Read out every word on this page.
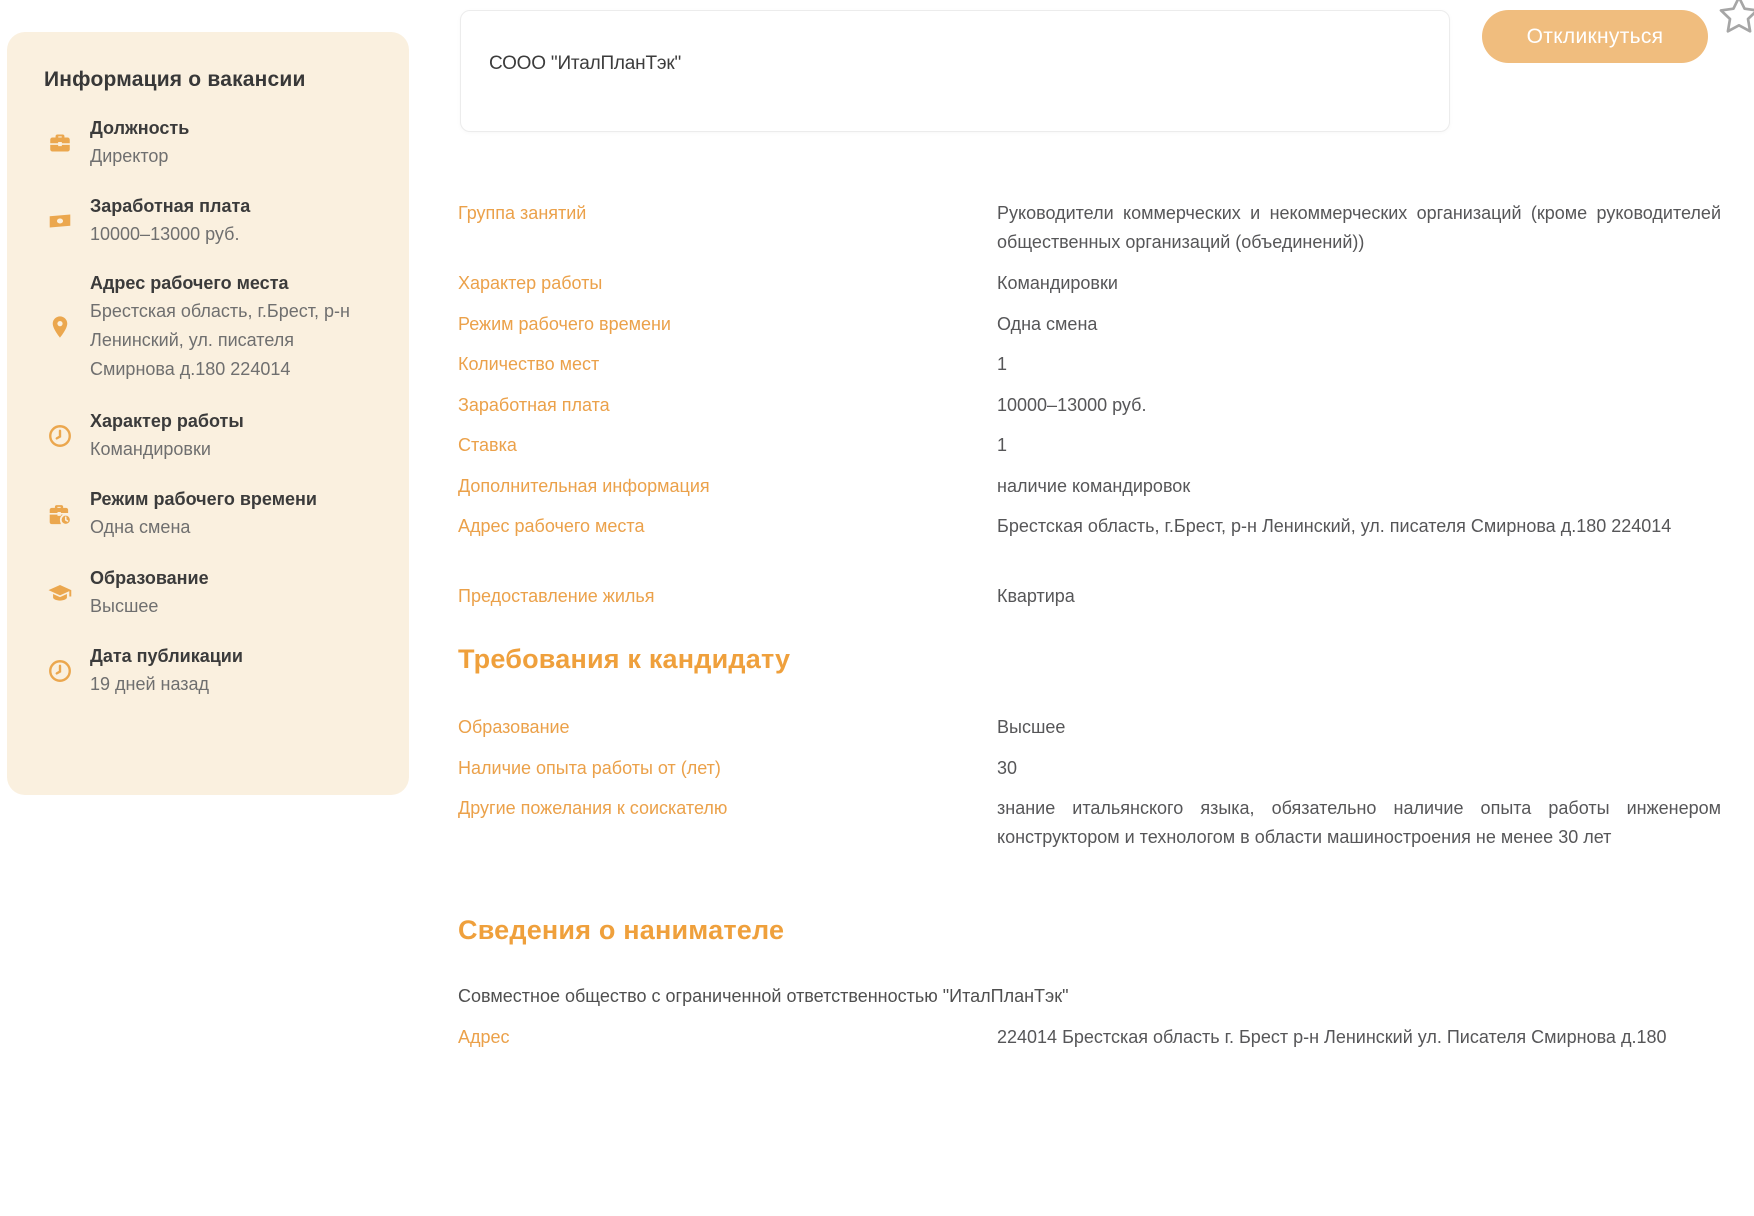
Информация о вакансии
Должность
Директор
Заработная плата
10000–13000 руб.
Адрес рабочего места
Брестская область, г.Брест, р-н Ленинский, ул. писателя Смирнова д.180 224014
Характер работы
Командировки
Режим рабочего времени
Одна смена
Образование
Высшее
Дата публикации
19 дней назад
СООО "ИталПланТэк"
Откликнуться
Группа занятий	Руководители коммерческих и некоммерческих организаций (кроме руководителей общественных организаций (объединений))
Характер работы	Командировки
Режим рабочего времени	Одна смена
Количество мест	1
Заработная плата	10000–13000 руб.
Ставка	1
Дополнительная информация	наличие командировок
Адрес рабочего места	Брестская область, г.Брест, р-н Ленинский, ул. писателя Смирнова д.180 224014
Предоставление жилья	Квартира
Требования к кандидату
Образование	Высшее
Наличие опыта работы от (лет)	30
Другие пожелания к соискателю	знание итальянского языка, обязательно наличие опыта работы инженером конструктором и технологом в области машиностроения не менее 30 лет
Сведения о нанимателе
Совместное общество с ограниченной ответственностью "ИталПланТэк"
Адрес	224014 Брестская область г. Брест р-н Ленинский ул. Писателя Смирнова д.180
